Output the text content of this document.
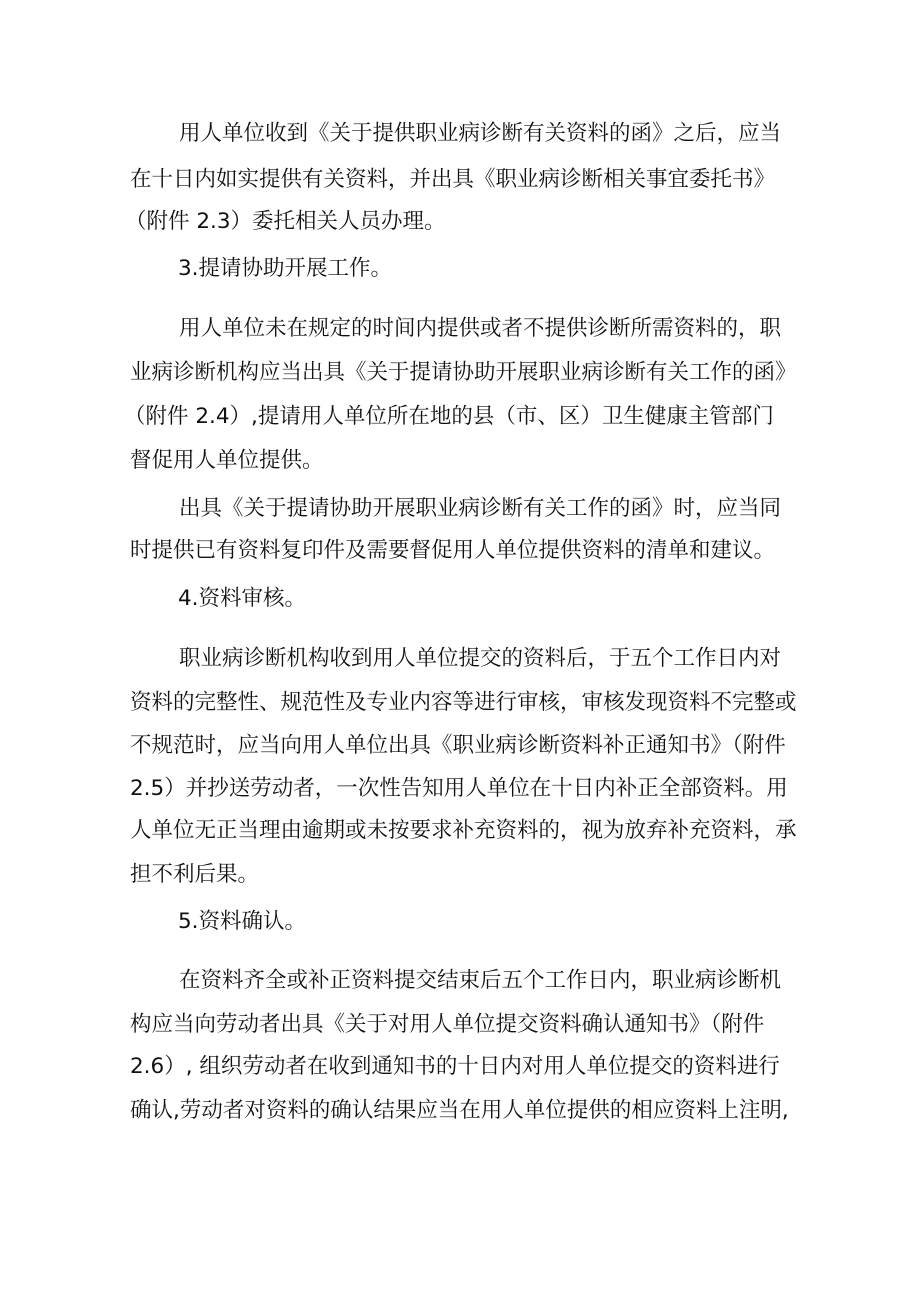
用人单位收到《关于提供职业病诊断有关资料的函》之后，应当
在十日内如实提供有关资料，并出具《职业病诊断相关事宜委托书》
（附件 2.3）委托相关人员办理。
3.提请协助开展工作。
用人单位未在规定的时间内提供或者不提供诊断所需资料的，职
业病诊断机构应当出具《关于提请协助开展职业病诊断有关工作的函》
（附件 2.4）,提请用人单位所在地的县（市、区）卫生健康主管部门
督促用人单位提供。
出具《关于提请协助开展职业病诊断有关工作的函》时，应当同
时提供已有资料复印件及需要督促用人单位提供资料的清单和建议。
4.资料审核。
职业病诊断机构收到用人单位提交的资料后，于五个工作日内对
资料的完整性、规范性及专业内容等进行审核，审核发现资料不完整或
不规范时，应当向用人单位出具《职业病诊断资料补正通知书》（附件
2.5）并抄送劳动者，一次性告知用人单位在十日内补正全部资料。用
人单位无正当理由逾期或未按要求补充资料的，视为放弃补充资料，承
担不利后果。
5.资料确认。
在资料齐全或补正资料提交结束后五个工作日内，职业病诊断机
构应当向劳动者出具《关于对用人单位提交资料确认通知书》（附件
2.6）, 组织劳动者在收到通知书的十日内对用人单位提交的资料进行
确认,劳动者对资料的确认结果应当在用人单位提供的相应资料上注明,
